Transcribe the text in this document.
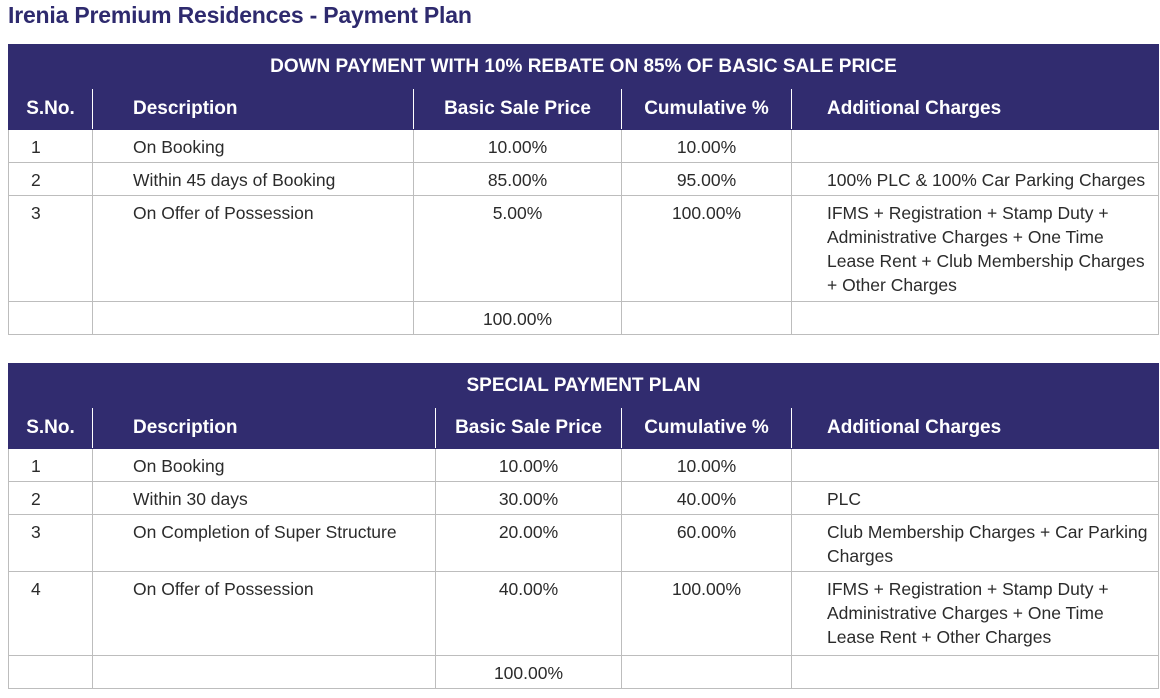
Irenia Premium Residences - Payment Plan
DOWN PAYMENT WITH 10% REBATE ON 85% OF BASIC SALE PRICE				
S.No.	Description	Basic Sale Price	Cumulative %	Additional Charges
1	On Booking	10.00%	10.00%	
2	Within 45 days of Booking	85.00%	95.00%	100% PLC & 100% Car Parking Charges
3	On Offer of Possession	5.00%	100.00%	IFMS + Registration + Stamp Duty + Administrative Charges + One Time Lease Rent + Club Membership Charges + Other Charges
		100.00%		
SPECIAL PAYMENT PLAN				
S.No.	Description	Basic Sale Price	Cumulative %	Additional Charges
1	On Booking	10.00%	10.00%	
2	Within 30 days	30.00%	40.00%	PLC
3	On Completion of Super Structure	20.00%	60.00%	Club Membership Charges + Car Parking Charges
4	On Offer of Possession	40.00%	100.00%	IFMS + Registration + Stamp Duty + Administrative Charges + One Time Lease Rent + Other Charges
		100.00%		
